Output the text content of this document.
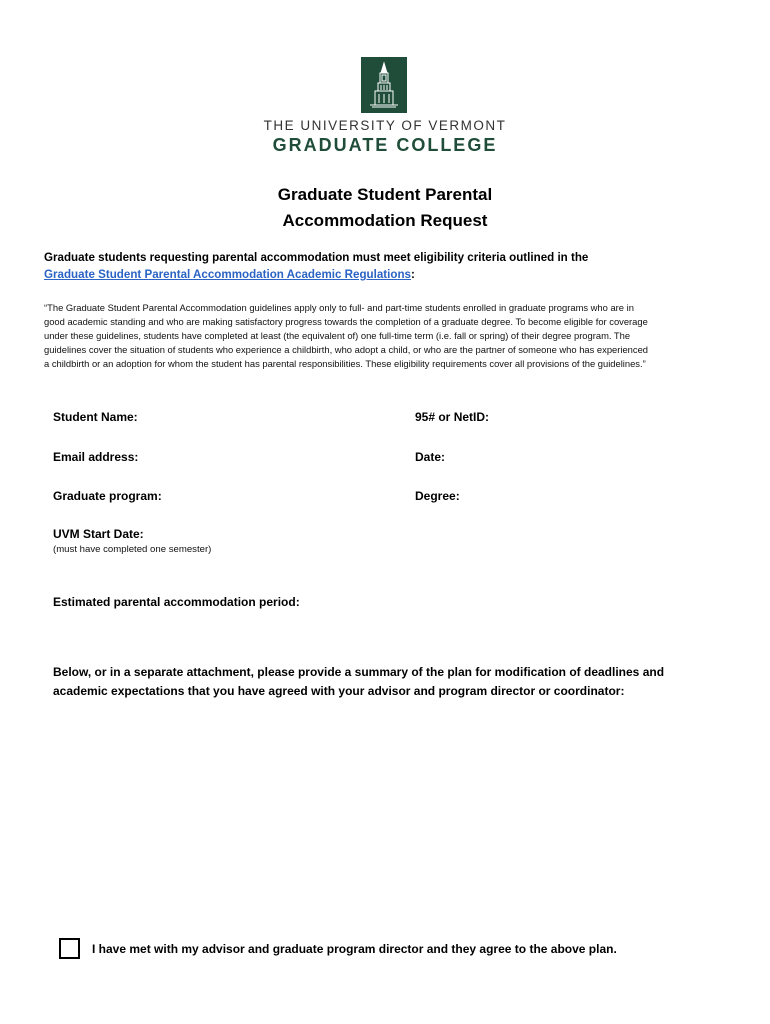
THE UNIVERSITY OF VERMONT
GRADUATE COLLEGE
Graduate Student Parental
Accommodation Request
Graduate students requesting parental accommodation must meet eligibility criteria outlined in the
Graduate Student Parental Accommodation Academic Regulations:
“The Graduate Student Parental Accommodation guidelines apply only to full- and part-time students enrolled in graduate programs who are in
good academic standing and who are making satisfactory progress towards the completion of a graduate degree. To become eligible for coverage
under these guidelines, students have completed at least (the equivalent of) one full-time term (i.e. fall or spring) of their degree program. The
guidelines cover the situation of students who experience a childbirth, who adopt a child, or who are the partner of someone who has experienced
a childbirth or an adoption for whom the student has parental responsibilities. These eligibility requirements cover all provisions of the guidelines.”
Student Name:	95# or NetID:
Email address:	Date:
Graduate program:	Degree:
UVM Start Date:
(must have completed one semester)
Estimated parental accommodation period:
Below, or in a separate attachment, please provide a summary of the plan for modification of deadlines and
academic expectations that you have agreed with your advisor and program director or coordinator:
I have met with my advisor and graduate program director and they agree to the above plan.
